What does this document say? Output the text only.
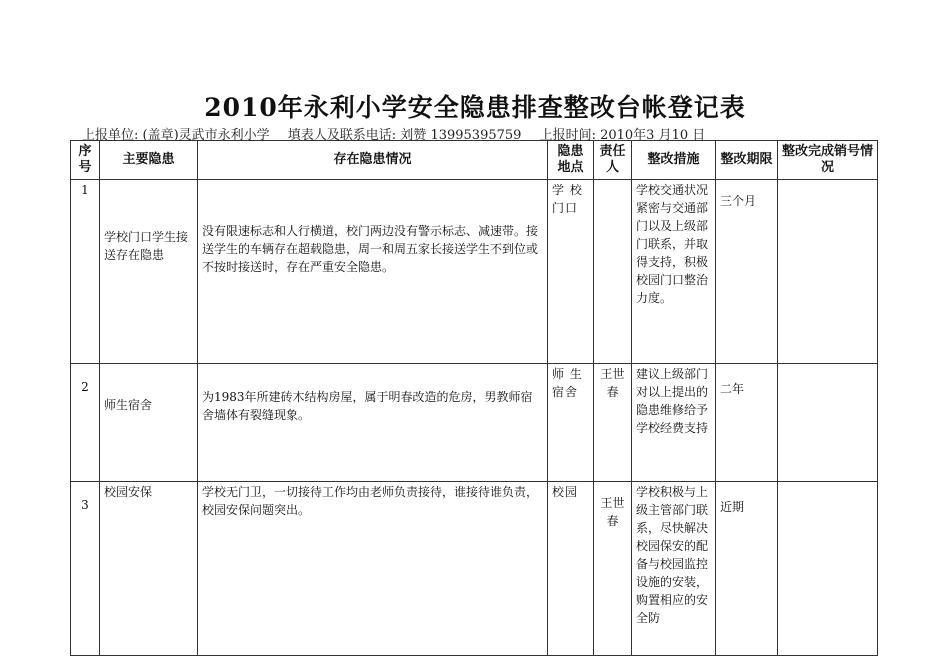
2010年永利小学安全隐患排查整改台帐登记表
上报单位: (盖章)灵武市永利小学 填表人及联系电话: 刘赞 13995395759 上报时间: 2010年3 月10 日
序号	主要隐患	存在隐患情况	隐患地点	责任人	整改措施	整改期限	整改完成销号情况
1	学校门口学生接送存在隐患	没有限速标志和人行横道，校门两边没有警示标志、减速带。接送学生的车辆存在超载隐患，周一和周五家长接送学生不到位或不按时接送时，存在严重安全隐患。	学 校门口		学校交通状况紧密与交通部门以及上级部门联系，并取得支持，积极校园门口整治力度。	三个月	
2	师生宿舍	为1983年所建砖木结构房屋，属于明春改造的危房，男教师宿舍墙体有裂缝现象。	师 生宿舍	王世春	建议上级部门对以上提出的隐患维修给予学校经费支持	二年	
3	校园安保	学校无门卫，一切接待工作均由老师负责接待，谁接待谁负责，校园安保问题突出。	校园	王世春	学校积极与上级主管部门联系，尽快解决校园保安的配备与校园监控设施的安装，购置相应的安全防	近期	
